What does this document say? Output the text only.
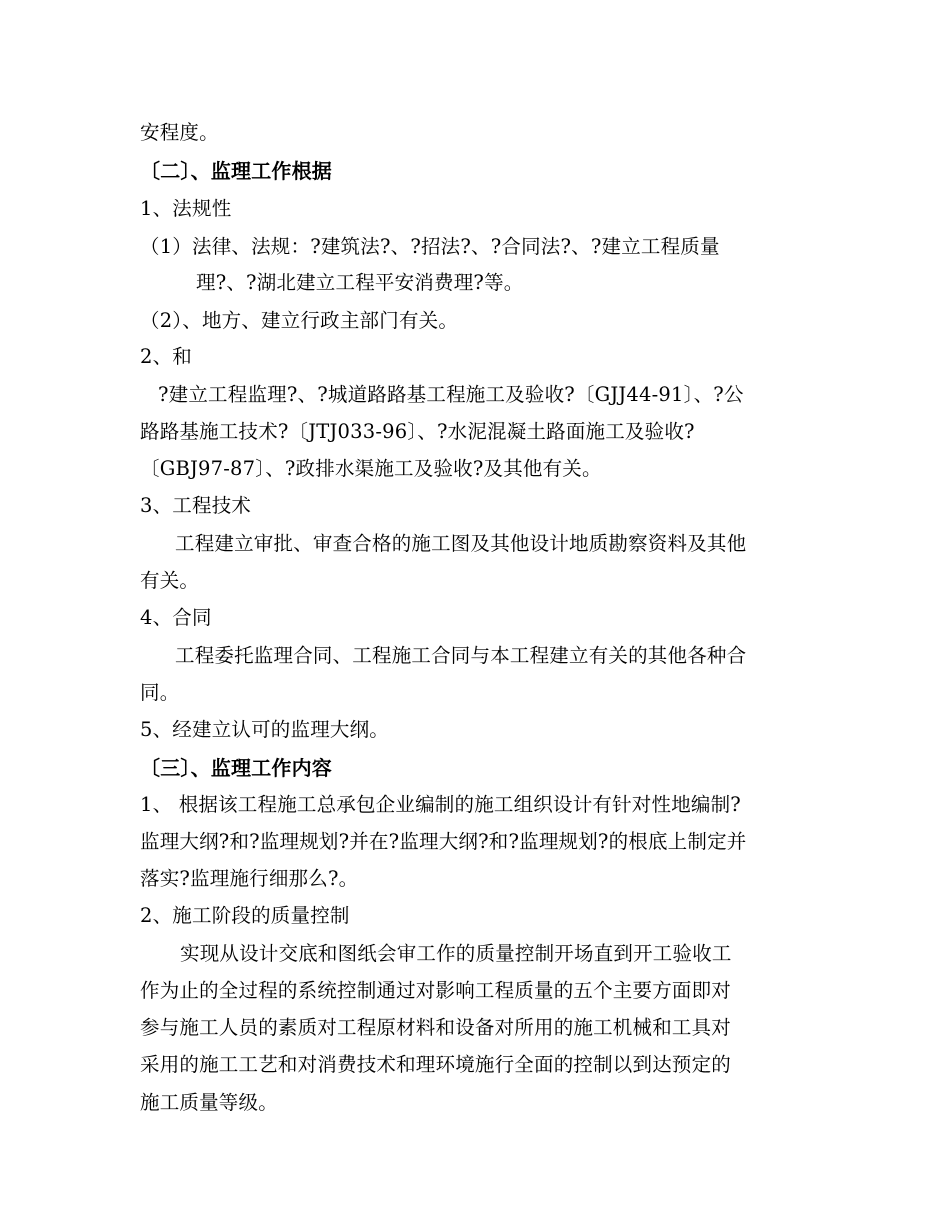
安程度。
〔二〕、监理工作根据
1、法规性
（1）法律、法规：?建筑法?、?招法?、?合同法?、?建立工程质量
理?、?湖北建立工程平安消费理?等。
（2）、地方、建立行政主部门有关。
2、和
?建立工程监理?、?城道路路基工程施工及验收?〔GJJ44-91〕、?公
路路基施工技术?〔JTJ033-96〕、?水泥混凝土路面施工及验收?
〔GBJ97-87〕、?政排水渠施工及验收?及其他有关。
3、工程技术
工程建立审批、审查合格的施工图及其他设计地质勘察资料及其他
有关。
4、合同
工程委托监理合同、工程施工合同与本工程建立有关的其他各种合
同。
5、经建立认可的监理大纲。
〔三〕、监理工作内容
1、 根据该工程施工总承包企业编制的施工组织设计有针对性地编制?
监理大纲?和?监理规划?并在?监理大纲?和?监理规划?的根底上制定并
落实?监理施行细那么?。
2、施工阶段的质量控制
实现从设计交底和图纸会审工作的质量控制开场直到开工验收工
作为止的全过程的系统控制通过对影响工程质量的五个主要方面即对
参与施工人员的素质对工程原材料和设备对所用的施工机械和工具对
采用的施工工艺和对消费技术和理环境施行全面的控制以到达预定的
施工质量等级。
